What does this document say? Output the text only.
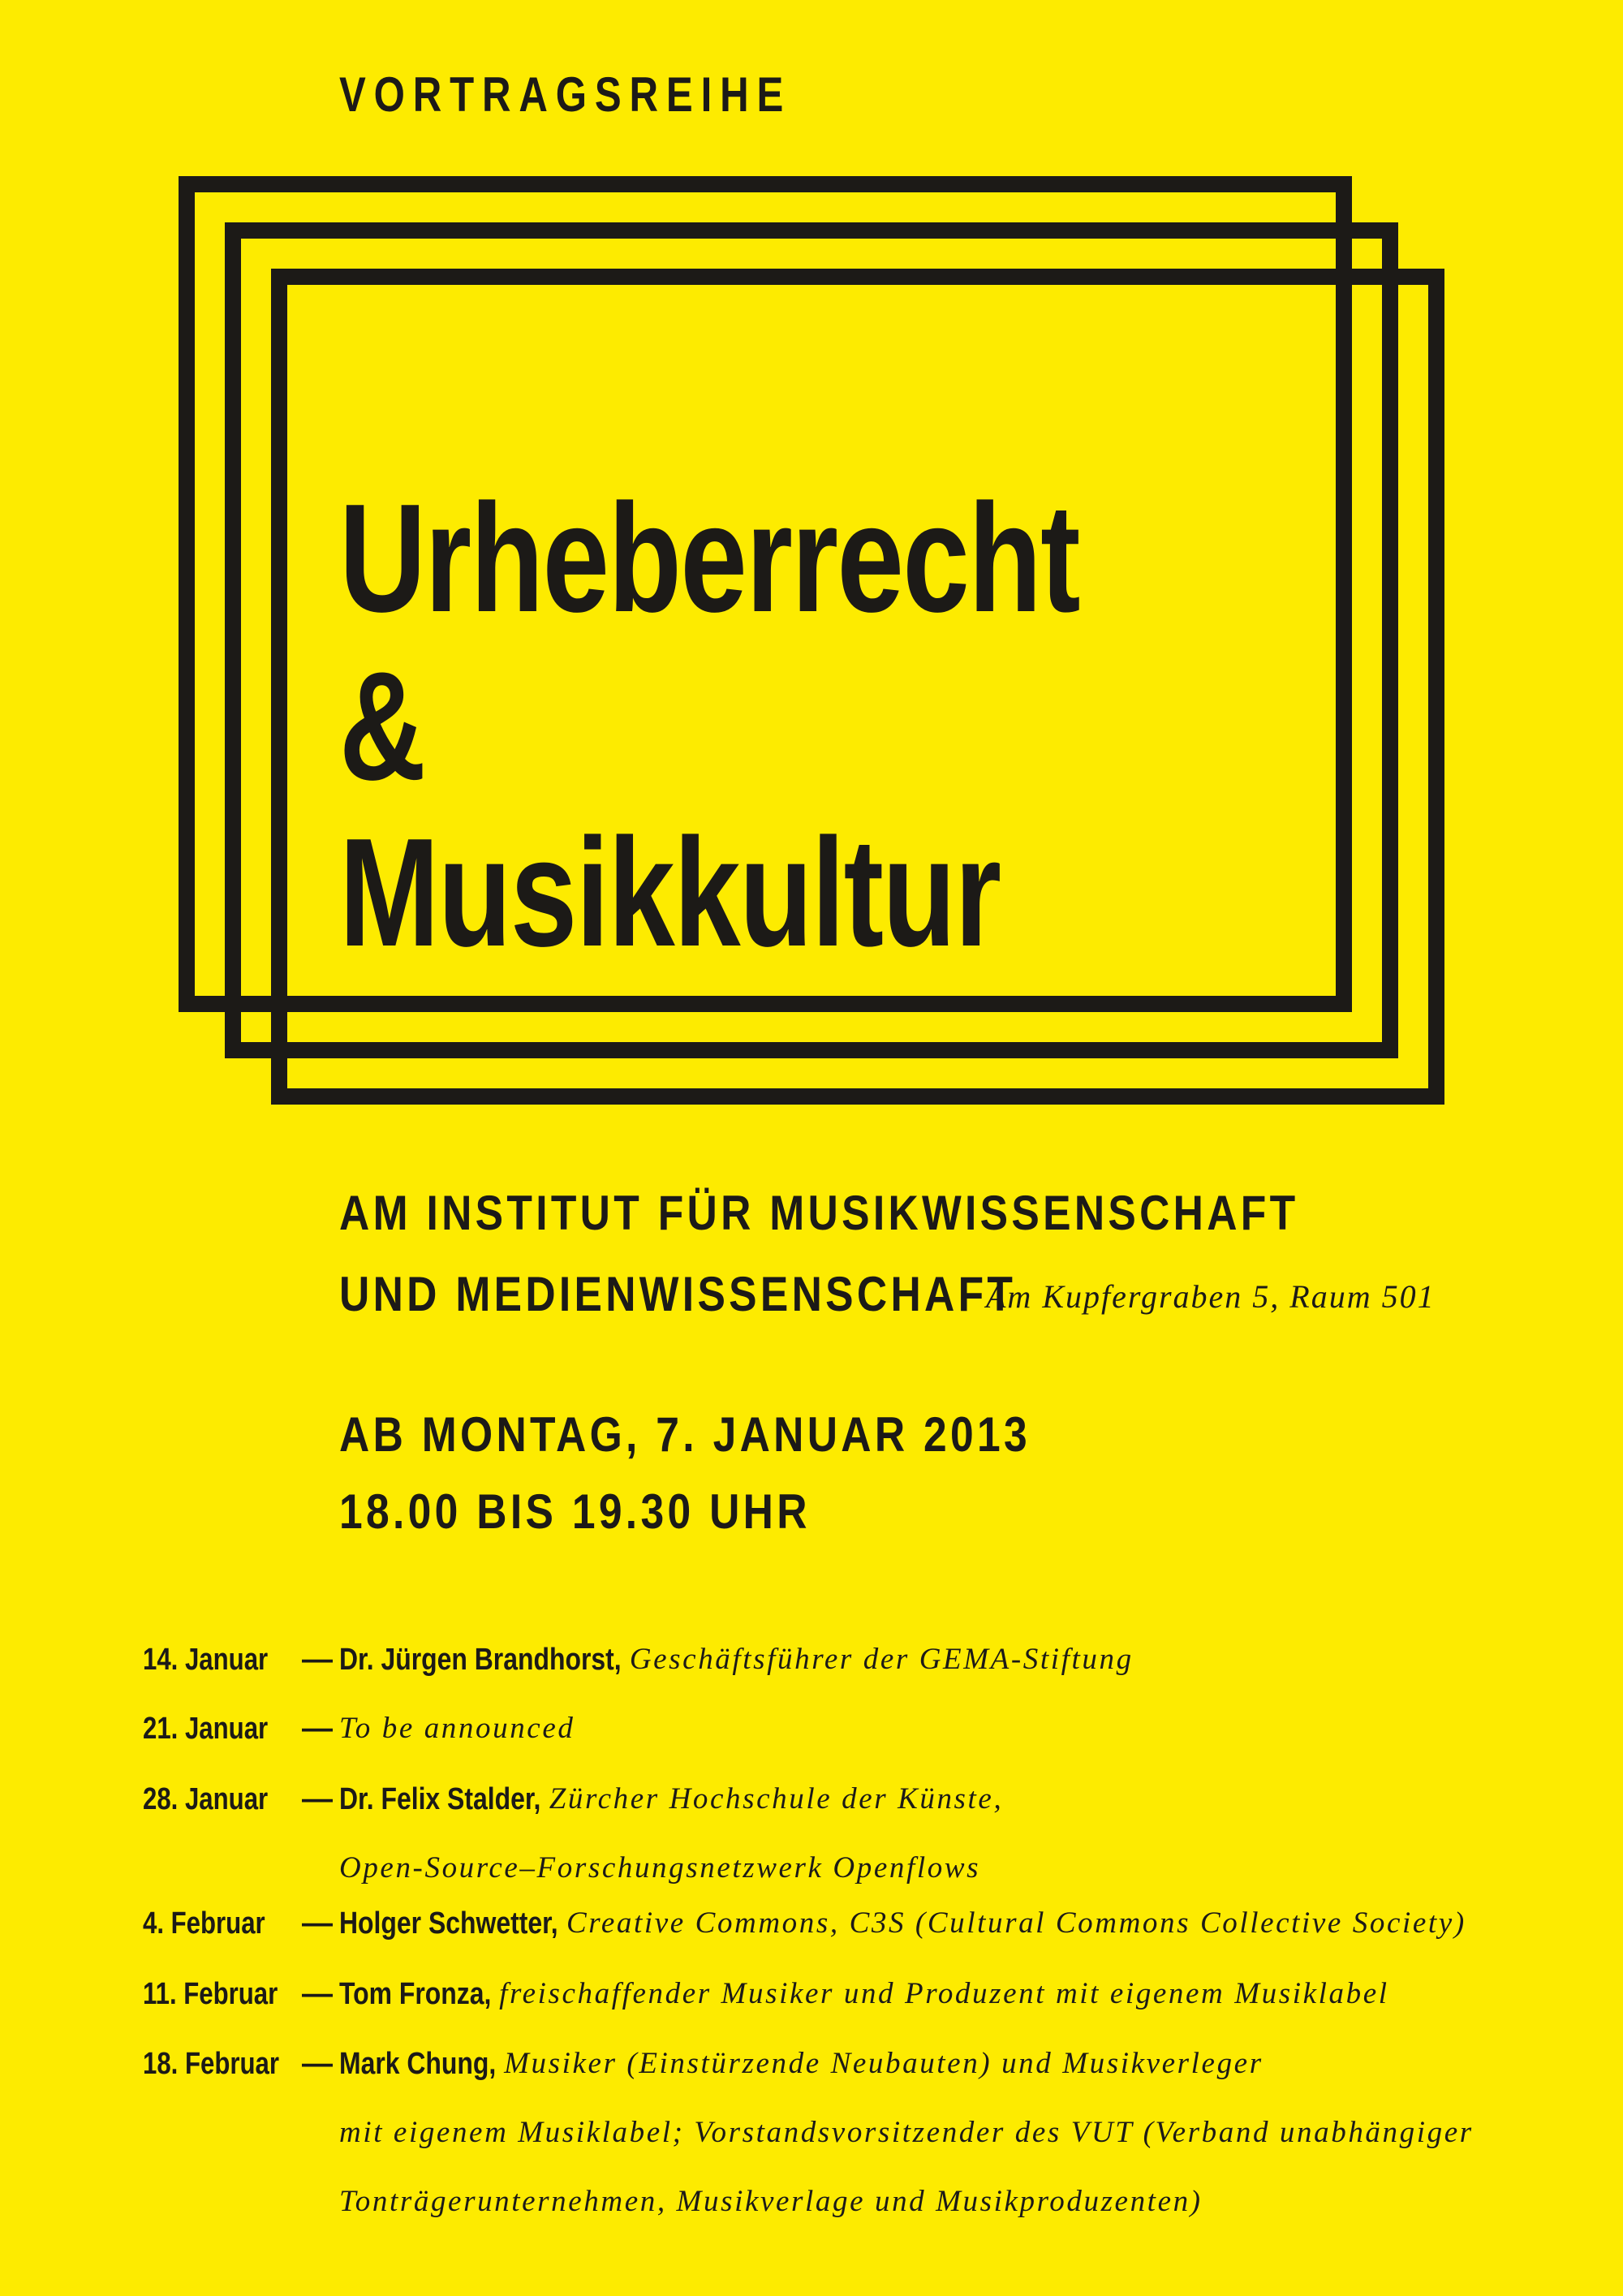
VORTRAGSREIHE
Urheberrecht
&
Musikkultur
AM INSTITUT FÜR MUSIKWISSENSCHAFT
UND MEDIENWISSENSCHAFT
Am Kupfergraben 5, Raum 501
AB MONTAG, 7. JANUAR 2013
18.00 BIS 19.30 UHR
14. Januar — Dr. Jürgen Brandhorst, Geschäftsführer der GEMA-Stiftung
21. Januar — To be announced
28. Januar — Dr. Felix Stalder, Zürcher Hochschule der Künste,
Open-Source–Forschungsnetzwerk Openflows
4. Februar — Holger Schwetter, Creative Commons, C3S (Cultural Commons Collective Society)
11. Februar — Tom Fronza, freischaffender Musiker und Produzent mit eigenem Musiklabel
18. Februar — Mark Chung, Musiker (Einstürzende Neubauten) und Musikverleger
mit eigenem Musiklabel; Vorstandsvorsitzender des VUT (Verband unabhängiger
Tonträgerunternehmen, Musikverlage und Musikproduzenten)
